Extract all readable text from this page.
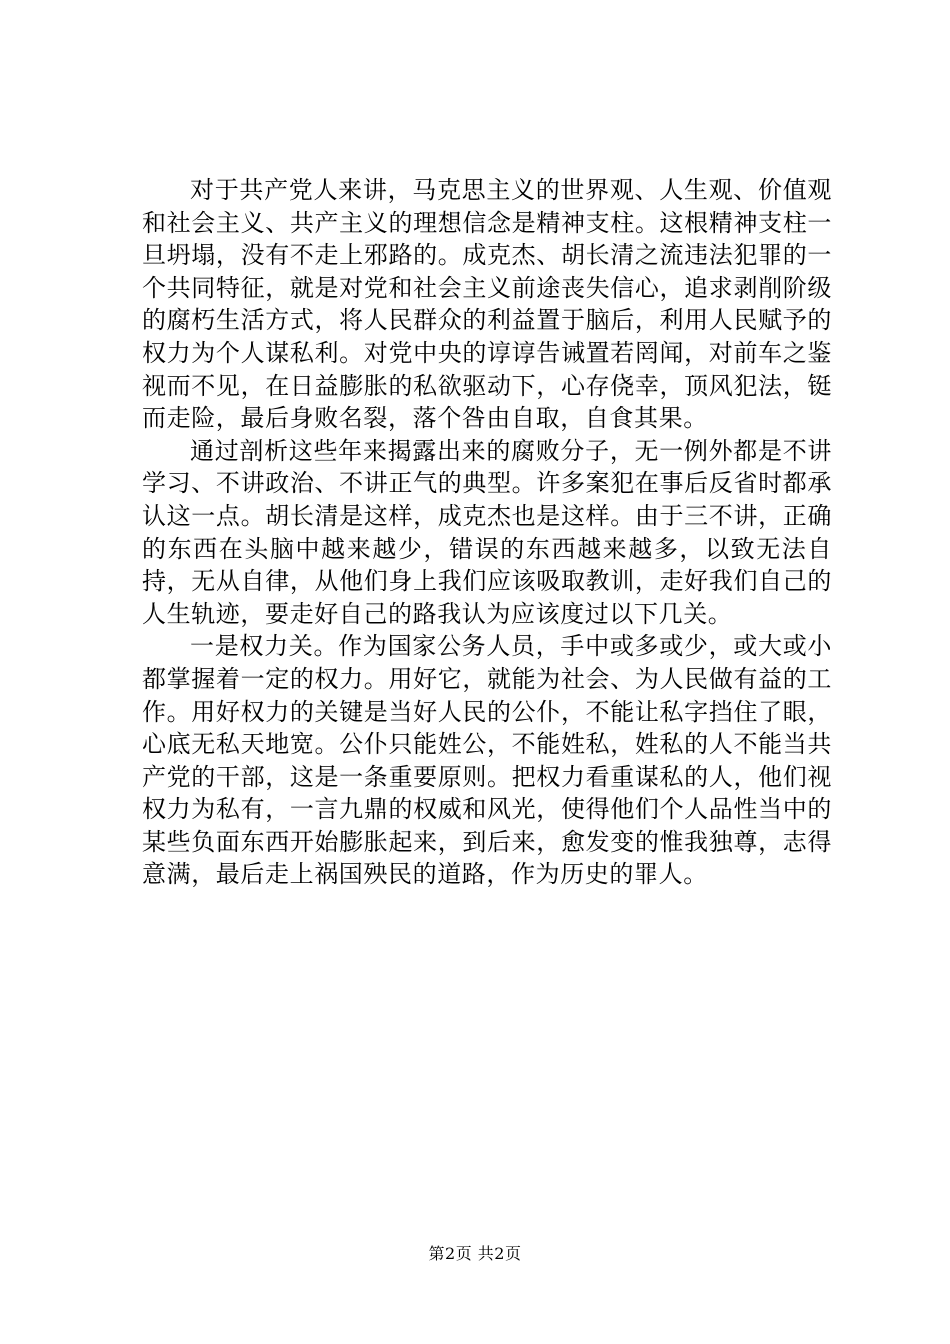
对于共产党人来讲，马克思主义的世界观、人生观、价值观和社会主义、共产主义的理想信念是精神支柱。这根精神支柱一旦坍塌，没有不走上邪路的。成克杰、胡长清之流违法犯罪的一个共同特征，就是对党和社会主义前途丧失信心，追求剥削阶级的腐朽生活方式，将人民群众的利益置于脑后，利用人民赋予的权力为个人谋私利。对党中央的谆谆告诫置若罔闻，对前车之鉴视而不见，在日益膨胀的私欲驱动下，心存侥幸，顶风犯法，铤而走险，最后身败名裂，落个咎由自取，自食其果。

通过剖析这些年来揭露出来的腐败分子，无一例外都是不讲学习、不讲政治、不讲正气的典型。许多案犯在事后反省时都承认这一点。胡长清是这样，成克杰也是这样。由于三不讲，正确的东西在头脑中越来越少，错误的东西越来越多，以致无法自持，无从自律，从他们身上我们应该吸取教训，走好我们自己的人生轨迹，要走好自己的路我认为应该度过以下几关。

一是权力关。作为国家公务人员，手中或多或少，或大或小都掌握着一定的权力。用好它，就能为社会、为人民做有益的工作。用好权力的关键是当好人民的公仆，不能让私字挡住了眼，心底无私天地宽。公仆只能姓公，不能姓私，姓私的人不能当共产党的干部，这是一条重要原则。把权力看重谋私的人，他们视权力为私有，一言九鼎的权威和风光，使得他们个人品性当中的某些负面东西开始膨胀起来，到后来，愈发变的惟我独尊，志得意满，最后走上祸国殃民的道路，作为历史的罪人。

第2页 共2页
